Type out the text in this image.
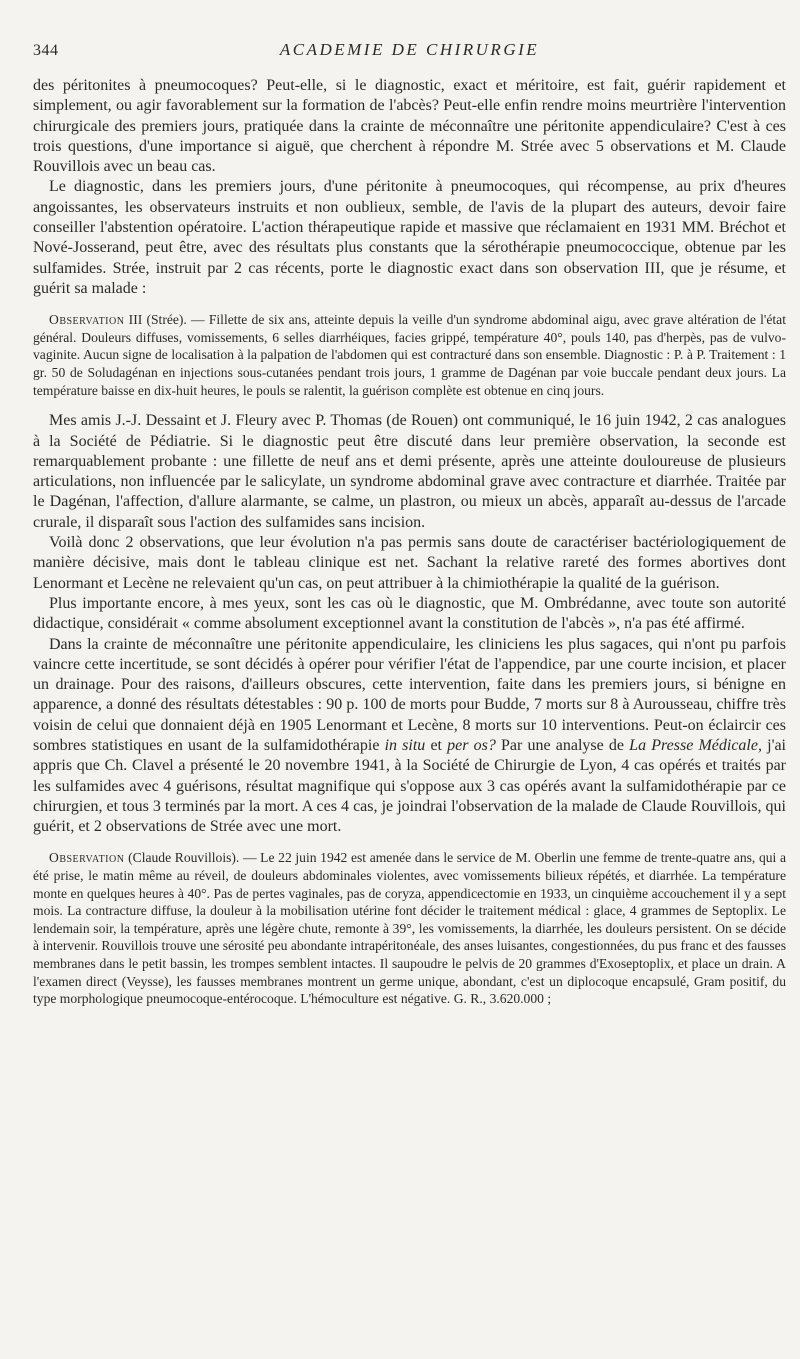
344	ACADEMIE DE CHIRURGIE

des péritonites à pneumocoques? Peut-elle, si le diagnostic, exact et méritoire, est fait, guérir rapidement et simplement, ou agir favorablement sur la formation de l'abcès? Peut-elle enfin rendre moins meurtrière l'intervention chirurgicale des premiers jours, pratiquée dans la crainte de méconnaître une péritonite appendiculaire? C'est à ces trois questions, d'une importance si aiguë, que cherchent à répondre M. Strée avec 5 observations et M. Claude Rouvillois avec un beau cas.

Le diagnostic, dans les premiers jours, d'une péritonite à pneumocoques, qui récompense, au prix d'heures angoissantes, les observateurs instruits et non oublieux, semble, de l'avis de la plupart des auteurs, devoir faire conseiller l'abstention opératoire. L'action thérapeutique rapide et massive que réclamaient en 1931 MM. Bréchot et Nové-Josserand, peut être, avec des résultats plus constants que la sérothérapie pneumococcique, obtenue par les sulfamides. Strée, instruit par 2 cas récents, porte le diagnostic exact dans son observation III, que je résume, et guérit sa malade :

Observation III (Strée). — Fillette de six ans, atteinte depuis la veille d'un syndrome abdominal aigu, avec grave altération de l'état général. Douleurs diffuses, vomissements, 6 selles diarrhéiques, facies grippé, température 40°, pouls 140, pas d'herpès, pas de vulvo-vaginite. Aucun signe de localisation à la palpation de l'abdomen qui est contracturé dans son ensemble. Diagnostic : P. à P. Traitement : 1 gr. 50 de Soludagénan en injections sous-cutanées pendant trois jours, 1 gramme de Dagénan par voie buccale pendant deux jours. La température baisse en dix-huit heures, le pouls se ralentit, la guérison complète est obtenue en cinq jours.

Mes amis J.-J. Dessaint et J. Fleury avec P. Thomas (de Rouen) ont communiqué, le 16 juin 1942, 2 cas analogues à la Société de Pédiatrie. Si le diagnostic peut être discuté dans leur première observation, la seconde est remarquablement probante : une fillette de neuf ans et demi présente, après une atteinte douloureuse de plusieurs articulations, non influencée par le salicylate, un syndrome abdominal grave avec contracture et diarrhée. Traitée par le Dagénan, l'affection, d'allure alarmante, se calme, un plastron, ou mieux un abcès, apparaît au-dessus de l'arcade crurale, il disparaît sous l'action des sulfamides sans incision.

Voilà donc 2 observations, que leur évolution n'a pas permis sans doute de caractériser bactériologiquement de manière décisive, mais dont le tableau clinique est net. Sachant la relative rareté des formes abortives dont Lenormant et Lecène ne relevaient qu'un cas, on peut attribuer à la chimiothérapie la qualité de la guérison.

Plus importante encore, à mes yeux, sont les cas où le diagnostic, que M. Ombrédanne, avec toute son autorité didactique, considérait « comme absolument exceptionnel avant la constitution de l'abcès », n'a pas été affirmé.

Dans la crainte de méconnaître une péritonite appendiculaire, les cliniciens les plus sagaces, qui n'ont pu parfois vaincre cette incertitude, se sont décidés à opérer pour vérifier l'état de l'appendice, par une courte incision, et placer un drainage. Pour des raisons, d'ailleurs obscures, cette intervention, faite dans les premiers jours, si bénigne en apparence, a donné des résultats détestables : 90 p. 100 de morts pour Budde, 7 morts sur 8 à Aurousseau, chiffre très voisin de celui que donnaient déjà en 1905 Lenormant et Lecène, 8 morts sur 10 interventions. Peut-on éclaircir ces sombres statistiques en usant de la sulfamidothérapie in situ et per os? Par une analyse de La Presse Médicale, j'ai appris que Ch. Clavel a présenté le 20 novembre 1941, à la Société de Chirurgie de Lyon, 4 cas opérés et traités par les sulfamides avec 4 guérisons, résultat magnifique qui s'oppose aux 3 cas opérés avant la sulfamidothérapie par ce chirurgien, et tous 3 terminés par la mort. A ces 4 cas, je joindrai l'observation de la malade de Claude Rouvillois, qui guérit, et 2 observations de Strée avec une mort.

Observation (Claude Rouvillois). — Le 22 juin 1942 est amenée dans le service de M. Oberlin une femme de trente-quatre ans, qui a été prise, le matin même au réveil, de douleurs abdominales violentes, avec vomissements bilieux répétés, et diarrhée. La température monte en quelques heures à 40°. Pas de pertes vaginales, pas de coryza, appendicectomie en 1933, un cinquième accouchement il y a sept mois. La contracture diffuse, la douleur à la mobilisation utérine font décider le traitement médical : glace, 4 grammes de Septoplix. Le lendemain soir, la température, après une légère chute, remonte à 39°, les vomissements, la diarrhée, les douleurs persistent. On se décide à intervenir. Rouvillois trouve une sérosité peu abondante intrapéritonéale, des anses luisantes, congestionnées, du pus franc et des fausses membranes dans le petit bassin, les trompes semblent intactes. Il saupoudre le pelvis de 20 grammes d'Exoseptoplix, et place un drain. A l'examen direct (Veysse), les fausses membranes montrent un germe unique, abondant, c'est un diplocoque encapsulé, Gram positif, du type morphologique pneumocoque-entérocoque. L'hémoculture est négative. G. R., 3.620.000 ;
